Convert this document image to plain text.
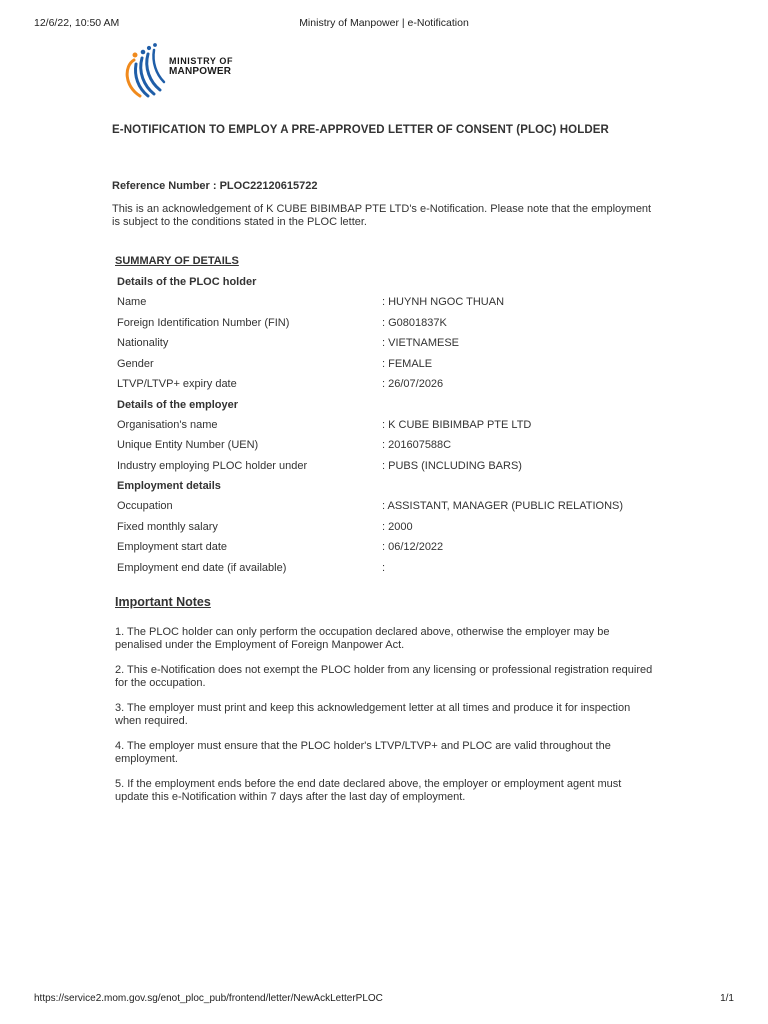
12/6/22, 10:50 AM	Ministry of Manpower | e-Notification
MINISTRY OF
MANPOWER
E-NOTIFICATION TO EMPLOY A PRE-APPROVED LETTER OF CONSENT (PLOC) HOLDER
Reference Number : PLOC22120615722
This is an acknowledgement of K CUBE BIBIMBAP PTE LTD's e-Notification. Please note that the employment is subject to the conditions stated in the PLOC letter.
SUMMARY OF DETAILS
Details of the PLOC holder
Name	: HUYNH NGOC THUAN
Foreign Identification Number (FIN)	: G0801837K
Nationality	: VIETNAMESE
Gender	: FEMALE
LTVP/LTVP+ expiry date	: 26/07/2026
Details of the employer
Organisation's name	: K CUBE BIBIMBAP PTE LTD
Unique Entity Number (UEN)	: 201607588C
Industry employing PLOC holder under	: PUBS (INCLUDING BARS)
Employment details
Occupation	: ASSISTANT, MANAGER (PUBLIC RELATIONS)
Fixed monthly salary	: 2000
Employment start date	: 06/12/2022
Employment end date (if available)	:
Important Notes

1. The PLOC holder can only perform the occupation declared above, otherwise the employer may be penalised under the Employment of Foreign Manpower Act.

2. This e-Notification does not exempt the PLOC holder from any licensing or professional registration required for the occupation.

3. The employer must print and keep this acknowledgement letter at all times and produce it for inspection when required.

4. The employer must ensure that the PLOC holder's LTVP/LTVP+ and PLOC are valid throughout the employment.

5. If the employment ends before the end date declared above, the employer or employment agent must update this e-Notification within 7 days after the last day of employment.

https://service2.mom.gov.sg/enot_ploc_pub/frontend/letter/NewAckLetterPLOC	1/1
